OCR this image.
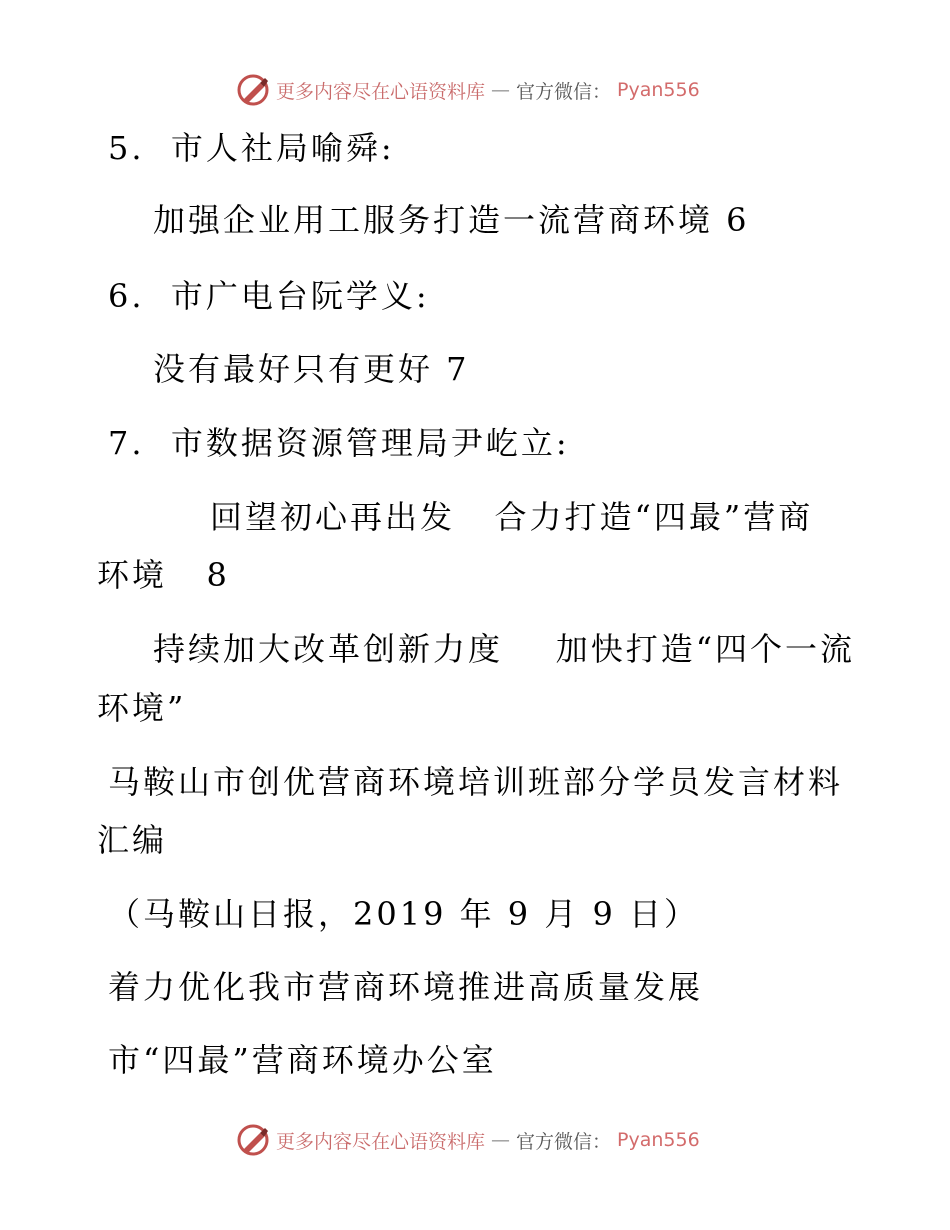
更多内容尽在心语资料库 — 官方微信： Pyan556
5.  市人社局喻舜:
加强企业用工服务打造一流营商环境 6
6.  市广电台阮学义:
没有最好只有更好 7
7.  市数据资源管理局尹屹立:
回望初心再出发   合力打造“四最”营商
环境   8
持续加大改革创新力度    加快打造“四个一流
环境”
马鞍山市创优营商环境培训班部分学员发言材料
汇编
（马鞍山日报，2019 年 9 月 9 日）
着力优化我市营商环境推进高质量发展
市“四最”营商环境办公室
更多内容尽在心语资料库 — 官方微信： Pyan556
